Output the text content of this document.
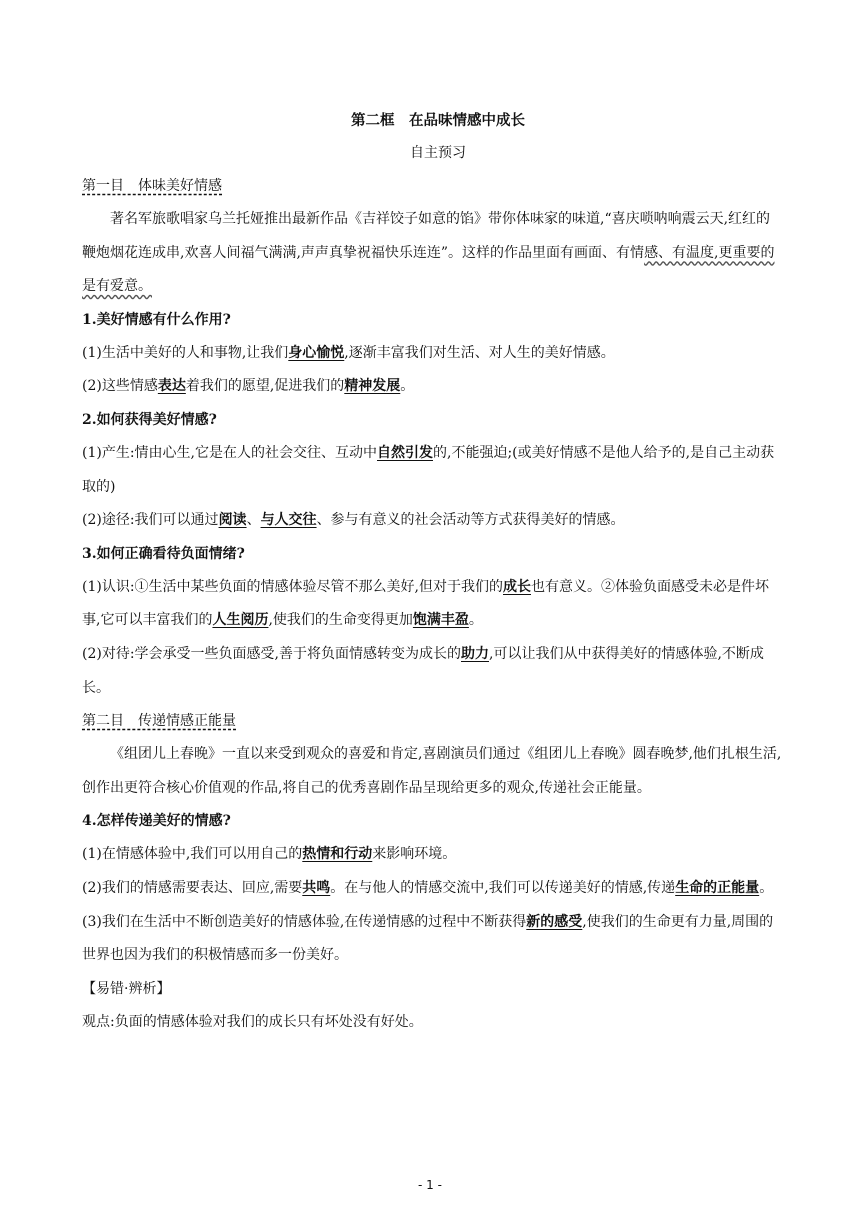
第二框　在品味情感中成长
自主预习
第一目　体味美好情感
著名军旅歌唱家乌兰托娅推出最新作品《吉祥饺子如意的馅》带你体味家的味道,“喜庆唢呐响震云天,红红的鞭炮烟花连成串,欢喜人间福气满满,声声真挚祝福快乐连连”。这样的作品里面有画面、有情感、有温度,更重要的是有爱意。
1.美好情感有什么作用?
(1)生活中美好的人和事物,让我们身心愉悦,逐渐丰富我们对生活、对人生的美好情感。
(2)这些情感表达着我们的愿望,促进我们的精神发展。
2.如何获得美好情感?
(1)产生:情由心生,它是在人的社会交往、互动中自然引发的,不能强迫;(或美好情感不是他人给予的,是自己主动获取的)
(2)途径:我们可以通过阅读、与人交往、参与有意义的社会活动等方式获得美好的情感。
3.如何正确看待负面情绪?
(1)认识:①生活中某些负面的情感体验尽管不那么美好,但对于我们的成长也有意义。②体验负面感受未必是件坏事,它可以丰富我们的人生阅历,使我们的生命变得更加饱满丰盈。
(2)对待:学会承受一些负面感受,善于将负面情感转变为成长的助力,可以让我们从中获得美好的情感体验,不断成长。
第二目　传递情感正能量
《组团儿上春晚》一直以来受到观众的喜爱和肯定,喜剧演员们通过《组团儿上春晚》圆春晚梦,他们扎根生活,创作出更符合核心价值观的作品,将自己的优秀喜剧作品呈现给更多的观众,传递社会正能量。
4.怎样传递美好的情感?
(1)在情感体验中,我们可以用自己的热情和行动来影响环境。
(2)我们的情感需要表达、回应,需要共鸣。在与他人的情感交流中,我们可以传递美好的情感,传递生命的正能量。
(3)我们在生活中不断创造美好的情感体验,在传递情感的过程中不断获得新的感受,使我们的生命更有力量,周围的世界也因为我们的积极情感而多一份美好。
【易错·辨析】
观点:负面的情感体验对我们的成长只有坏处没有好处。
- 1 -
